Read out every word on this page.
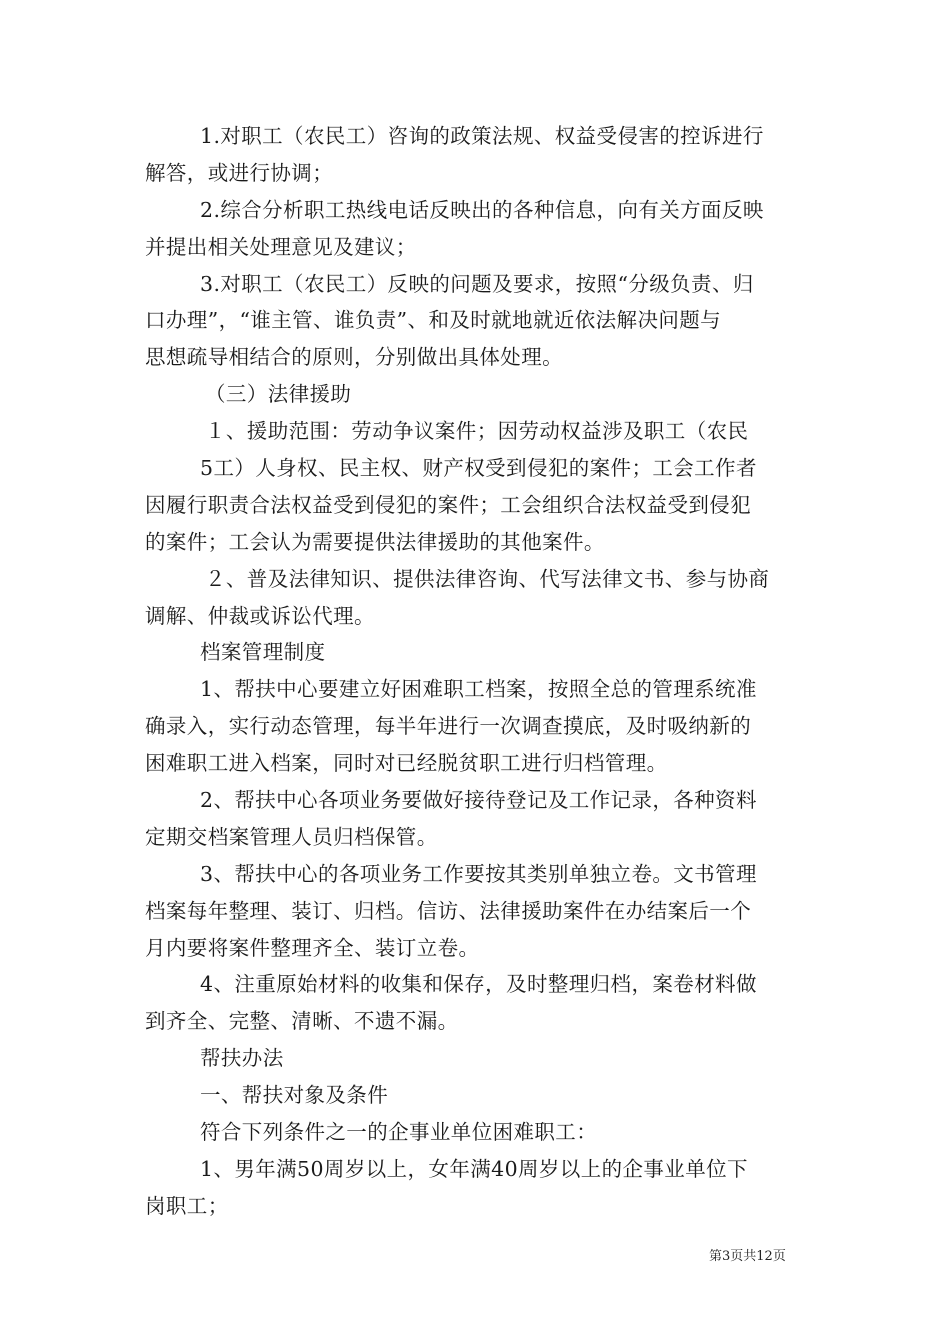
1.对职工（农民工）咨询的政策法规、权益受侵害的控诉进行
解答，或进行协调；
2.综合分析职工热线电话反映出的各种信息，向有关方面反映
并提出相关处理意见及建议；
3.对职工（农民工）反映的问题及要求，按照“分级负责、归
口办理”，“谁主管、谁负责”、和及时就地就近依法解决问题与
思想疏导相结合的原则，分别做出具体处理。
（三）法律援助
１、援助范围：劳动争议案件；因劳动权益涉及职工（农民
5工）人身权、民主权、财产权受到侵犯的案件；工会工作者
因履行职责合法权益受到侵犯的案件；工会组织合法权益受到侵犯
的案件；工会认为需要提供法律援助的其他案件。
２、普及法律知识、提供法律咨询、代写法律文书、参与协商
调解、仲裁或诉讼代理。
档案管理制度
1、帮扶中心要建立好困难职工档案，按照全总的管理系统准
确录入，实行动态管理，每半年进行一次调查摸底，及时吸纳新的
困难职工进入档案，同时对已经脱贫职工进行归档管理。
2、帮扶中心各项业务要做好接待登记及工作记录，各种资料
定期交档案管理人员归档保管。
3、帮扶中心的各项业务工作要按其类别单独立卷。文书管理
档案每年整理、装订、归档。信访、法律援助案件在办结案后一个
月内要将案件整理齐全、装订立卷。
4、注重原始材料的收集和保存，及时整理归档，案卷材料做
到齐全、完整、清晰、不遗不漏。
帮扶办法
一、帮扶对象及条件
符合下列条件之一的企事业单位困难职工：
1、男年满50周岁以上，女年满40周岁以上的企事业单位下
岗职工；
第3页共12页
